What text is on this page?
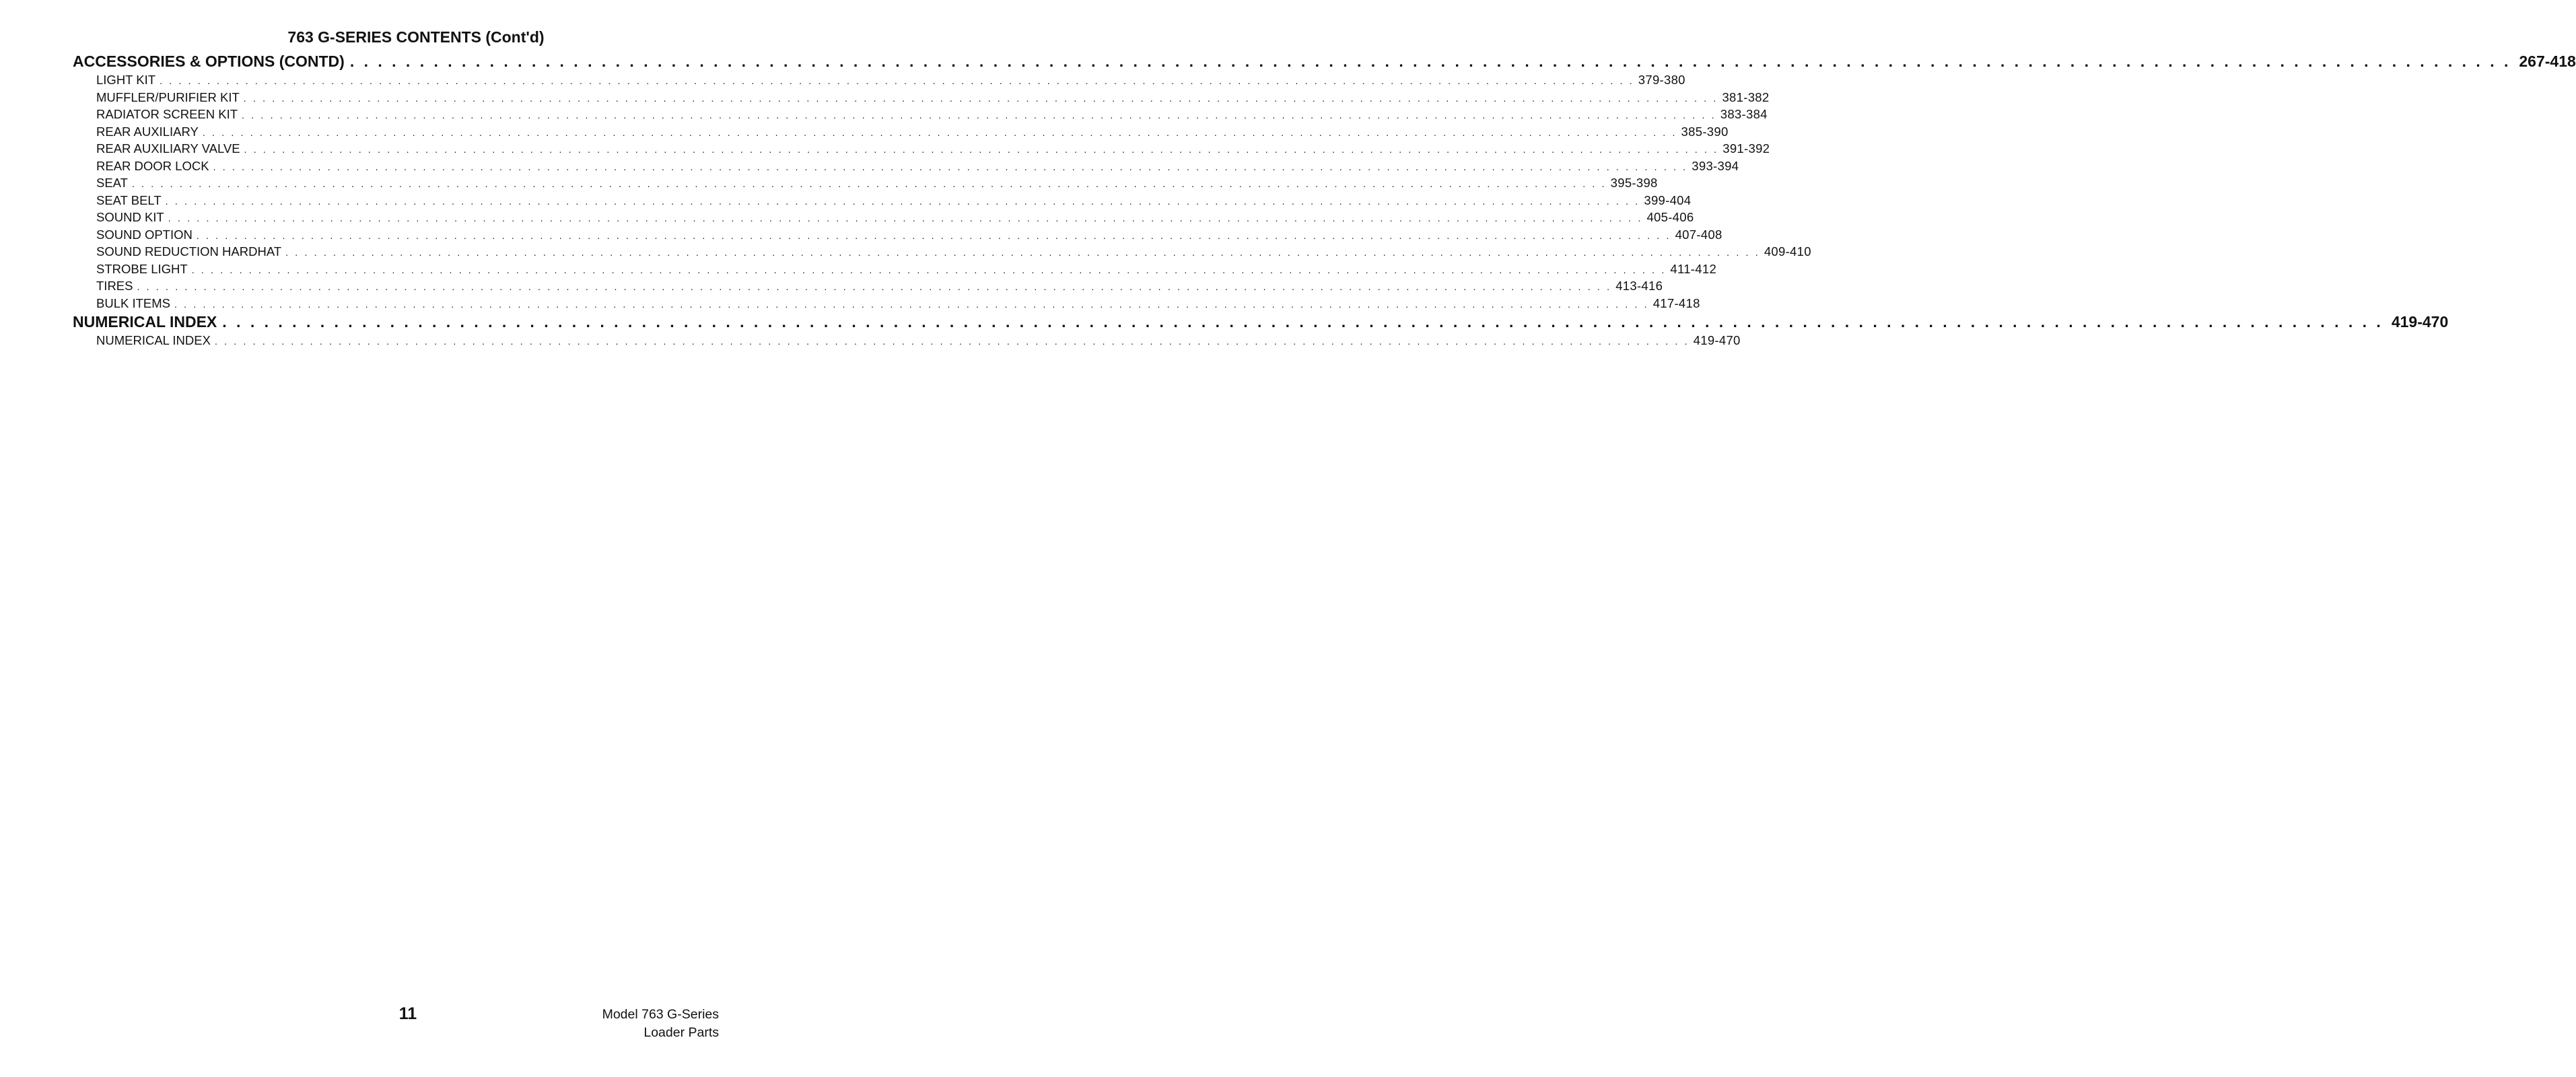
763 G-SERIES CONTENTS (Cont'd)
ACCESSORIES & OPTIONS (CONTD) . . . . . . . . . . . . . . . . . . . . . . . . . . . . . . . . . . . . . . . . . . . . . . . . . . . . . . . . . . . . . . . . . . . . . . . . . . . . . . . . . . . . . . . . . . . . . . . . . . . . . . . . . . . . . . . . . . . . . . . . . . . . . . . . . . . . . . . . . . . . . . . . . . . . . . . . . . . 267-418
LIGHT KIT . . . . . . . . . . . . . . . . . . . . . . . . . . . . . . . . . . . . . . . . . . . . . . . . . . . . . . . . . . . . . . . . . . . . . . . . . . . . . . . . . . . . . . . . . . . . . . . . . . . . . . . . . . . . . . . . . . . . . . . . . . . . . . . . . . . . . . . . . . . . . . . . . . . . . . . . . . . 379-380
MUFFLER/PURIFIER KIT . . . . . . . . . . . . . . . . . . . . . . . . . . . . . . . . . . . . . . . . . . . . . . . . . . . . . . . . . . . . . . . . . . . . . . . . . . . . . . . . . . . . . . . . . . . . . . . . . . . . . . . . . . . . . . . . . . . . . . . . . . . . . . . . . . . . . . . . . . . . . . . . . . . . . . . . . . . 381-382
RADIATOR SCREEN KIT . . . . . . . . . . . . . . . . . . . . . . . . . . . . . . . . . . . . . . . . . . . . . . . . . . . . . . . . . . . . . . . . . . . . . . . . . . . . . . . . . . . . . . . . . . . . . . . . . . . . . . . . . . . . . . . . . . . . . . . . . . . . . . . . . . . . . . . . . . . . . . . . . . . . . . . . . . . 383-384
REAR AUXILIARY . . . . . . . . . . . . . . . . . . . . . . . . . . . . . . . . . . . . . . . . . . . . . . . . . . . . . . . . . . . . . . . . . . . . . . . . . . . . . . . . . . . . . . . . . . . . . . . . . . . . . . . . . . . . . . . . . . . . . . . . . . . . . . . . . . . . . . . . . . . . . . . . . . . . . . . . . . . 385-390
REAR AUXILIARY VALVE . . . . . . . . . . . . . . . . . . . . . . . . . . . . . . . . . . . . . . . . . . . . . . . . . . . . . . . . . . . . . . . . . . . . . . . . . . . . . . . . . . . . . . . . . . . . . . . . . . . . . . . . . . . . . . . . . . . . . . . . . . . . . . . . . . . . . . . . . . . . . . . . . . . . . . . . . . . 391-392
REAR DOOR LOCK . . . . . . . . . . . . . . . . . . . . . . . . . . . . . . . . . . . . . . . . . . . . . . . . . . . . . . . . . . . . . . . . . . . . . . . . . . . . . . . . . . . . . . . . . . . . . . . . . . . . . . . . . . . . . . . . . . . . . . . . . . . . . . . . . . . . . . . . . . . . . . . . . . . . . . . . . . . 393-394
SEAT . . . . . . . . . . . . . . . . . . . . . . . . . . . . . . . . . . . . . . . . . . . . . . . . . . . . . . . . . . . . . . . . . . . . . . . . . . . . . . . . . . . . . . . . . . . . . . . . . . . . . . . . . . . . . . . . . . . . . . . . . . . . . . . . . . . . . . . . . . . . . . . . . . . . . . . . . . . 395-398
SEAT BELT . . . . . . . . . . . . . . . . . . . . . . . . . . . . . . . . . . . . . . . . . . . . . . . . . . . . . . . . . . . . . . . . . . . . . . . . . . . . . . . . . . . . . . . . . . . . . . . . . . . . . . . . . . . . . . . . . . . . . . . . . . . . . . . . . . . . . . . . . . . . . . . . . . . . . . . . . . . 399-404
SOUND KIT . . . . . . . . . . . . . . . . . . . . . . . . . . . . . . . . . . . . . . . . . . . . . . . . . . . . . . . . . . . . . . . . . . . . . . . . . . . . . . . . . . . . . . . . . . . . . . . . . . . . . . . . . . . . . . . . . . . . . . . . . . . . . . . . . . . . . . . . . . . . . . . . . . . . . . . . . . . 405-406
SOUND OPTION . . . . . . . . . . . . . . . . . . . . . . . . . . . . . . . . . . . . . . . . . . . . . . . . . . . . . . . . . . . . . . . . . . . . . . . . . . . . . . . . . . . . . . . . . . . . . . . . . . . . . . . . . . . . . . . . . . . . . . . . . . . . . . . . . . . . . . . . . . . . . . . . . . . . . . . . . . . 407-408
SOUND REDUCTION HARDHAT . . . . . . . . . . . . . . . . . . . . . . . . . . . . . . . . . . . . . . . . . . . . . . . . . . . . . . . . . . . . . . . . . . . . . . . . . . . . . . . . . . . . . . . . . . . . . . . . . . . . . . . . . . . . . . . . . . . . . . . . . . . . . . . . . . . . . . . . . . . . . . . . . . . . . . . . . . . 409-410
STROBE LIGHT . . . . . . . . . . . . . . . . . . . . . . . . . . . . . . . . . . . . . . . . . . . . . . . . . . . . . . . . . . . . . . . . . . . . . . . . . . . . . . . . . . . . . . . . . . . . . . . . . . . . . . . . . . . . . . . . . . . . . . . . . . . . . . . . . . . . . . . . . . . . . . . . . . . . . . . . . . . 411-412
TIRES . . . . . . . . . . . . . . . . . . . . . . . . . . . . . . . . . . . . . . . . . . . . . . . . . . . . . . . . . . . . . . . . . . . . . . . . . . . . . . . . . . . . . . . . . . . . . . . . . . . . . . . . . . . . . . . . . . . . . . . . . . . . . . . . . . . . . . . . . . . . . . . . . . . . . . . . . . . 413-416
BULK ITEMS . . . . . . . . . . . . . . . . . . . . . . . . . . . . . . . . . . . . . . . . . . . . . . . . . . . . . . . . . . . . . . . . . . . . . . . . . . . . . . . . . . . . . . . . . . . . . . . . . . . . . . . . . . . . . . . . . . . . . . . . . . . . . . . . . . . . . . . . . . . . . . . . . . . . . . . . . . . 417-418
NUMERICAL INDEX . . . . . . . . . . . . . . . . . . . . . . . . . . . . . . . . . . . . . . . . . . . . . . . . . . . . . . . . . . . . . . . . . . . . . . . . . . . . . . . . . . . . . . . . . . . . . . . . . . . . . . . . . . . . . . . . . . . . . . . . . . . . . . . . . . . . . . . . . . . . . . . . . . . . . . . . . . . 419-470
NUMERICAL INDEX . . . . . . . . . . . . . . . . . . . . . . . . . . . . . . . . . . . . . . . . . . . . . . . . . . . . . . . . . . . . . . . . . . . . . . . . . . . . . . . . . . . . . . . . . . . . . . . . . . . . . . . . . . . . . . . . . . . . . . . . . . . . . . . . . . . . . . . . . . . . . . . . . . . . . . . . . . . 419-470
11	Model 763 G-Series
Loader Parts
